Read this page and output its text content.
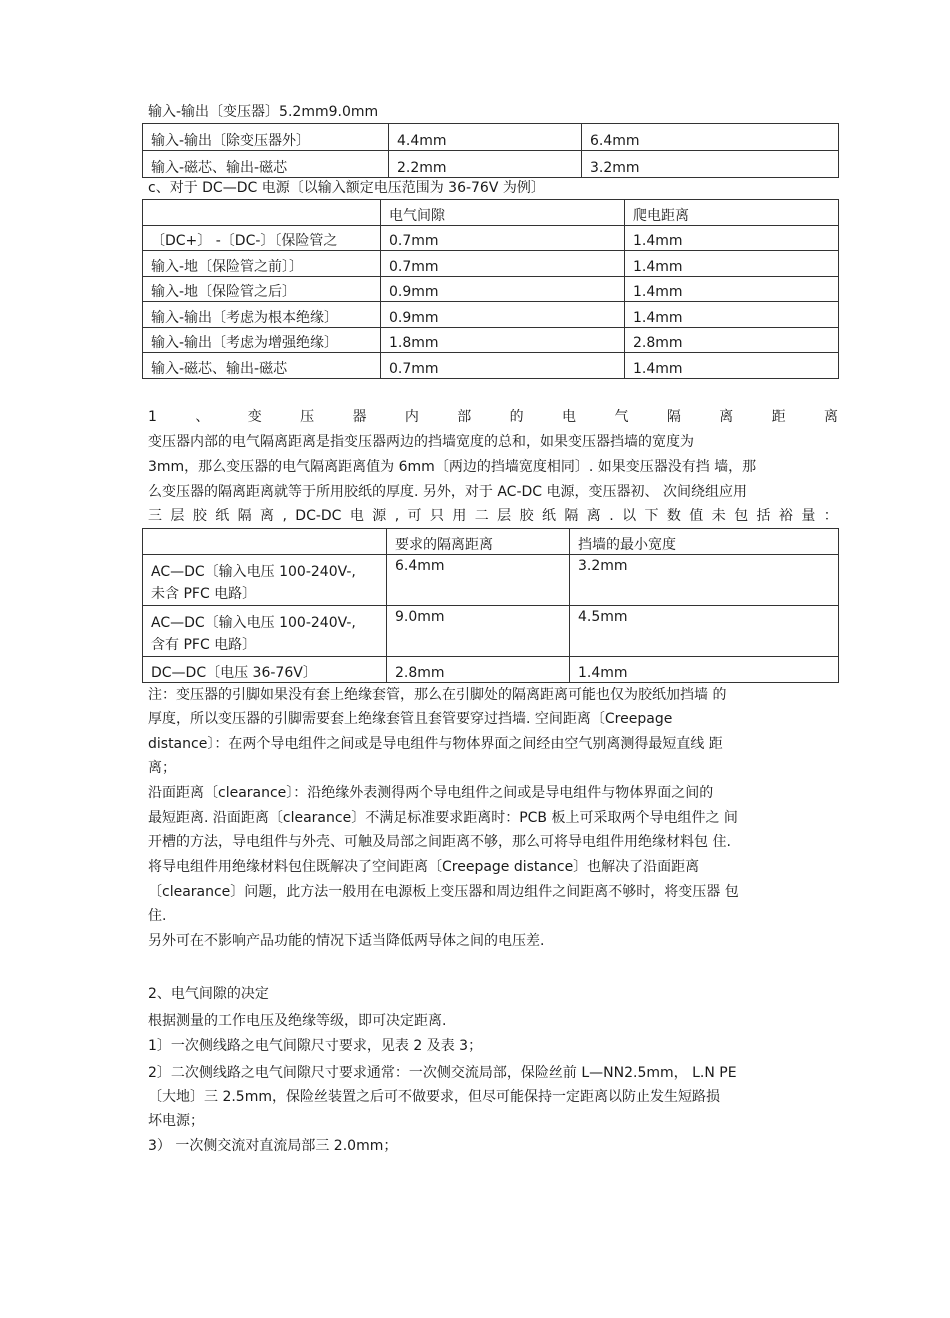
输入-输出〔变压器〕5.2mm9.0mm
输入-输出〔除变压器外〕	4.4mm	6.4mm
输入-磁芯、输出-磁芯	2.2mm	3.2mm
c、对于 DC—DC 电源〔以输入额定电压范围为 36-76V 为例〕
	电气间隙	爬电距离
〔DC+〕 -〔DC-〕〔保险管之	0.7mm	1.4mm
输入-地〔保险管之前〕〕	0.7mm	1.4mm
输入-地〔保险管之后〕	0.9mm	1.4mm
输入-输出〔考虑为根本绝缘〕	0.9mm	1.4mm
输入-输出〔考虑为增强绝缘〕	1.8mm	2.8mm
输入-磁芯、输出-磁芯	0.7mm	1.4mm
1	、	变	压	器	内	部	的	电	气	隔	离	距	离
变压器内部的电气隔离距离是指变压器两边的挡墙宽度的总和，如果变压器挡墙的宽度为
3mm，那么变压器的电气隔离距离值为 6mm〔两边的挡墙宽度相同〕. 如果变压器没有挡 墙，那
么变压器的隔离距离就等于所用胶纸的厚度. 另外，对于 AC-DC 电源，变压器初、 次间绕组应用
三 层 胶 纸 隔 离 , DC-DC 电 源 , 可 只 用 二 层 胶 纸 隔 离 . 以 下 数 值 未 包 括 裕 量 ：
	要求的隔离距离	挡墙的最小宽度

AC—DC〔输入电压 100-240V-,
未含 PFC 电路〕	6.4mm	3.2mm

AC—DC〔输入电压 100-240V-,
含有 PFC 电路〕	9.0mm	4.5mm
DC—DC〔电压 36-76V〕	2.8mm	1.4mm
注：变压器的引脚如果没有套上绝缘套管，那么在引脚处的隔离距离可能也仅为胶纸加挡墙 的
厚度，所以变压器的引脚需要套上绝缘套管且套管要穿过挡墙. 空间距离〔Creepage
distance〕：在两个导电组件之间或是导电组件与物体界面之间经由空气别离测得最短直线 距
离；
沿面距离〔clearance〕：沿绝缘外表测得两个导电组件之间或是导电组件与物体界面之间的
最短距离. 沿面距离〔clearance〕不满足标准要求距离时：PCB 板上可采取两个导电组件之 间
开槽的方法，导电组件与外壳、可触及局部之间距离不够，那么可将导电组件用绝缘材料包 住.
将导电组件用绝缘材料包住既解决了空间距离〔Creepage distance〕也解决了沿面距离
〔clearance〕问题，此方法一般用在电源板上变压器和周边组件之间距离不够时，将变压器 包
住.
另外可在不影响产品功能的情况下适当降低两导体之间的电压差.
2、电气间隙的决定
根据测量的工作电压及绝缘等级，即可决定距离.
1〕一次侧线路之电气间隙尺寸要求，见表 2 及表 3；
2〕二次侧线路之电气间隙尺寸要求通常：一次侧交流局部，保险丝前 L—NN2.5mm， L.N PE
〔大地〕三 2.5mm，保险丝装置之后可不做要求，但尽可能保持一定距离以防止发生短路损
坏电源；
3） 一次侧交流对直流局部三 2.0mm；
